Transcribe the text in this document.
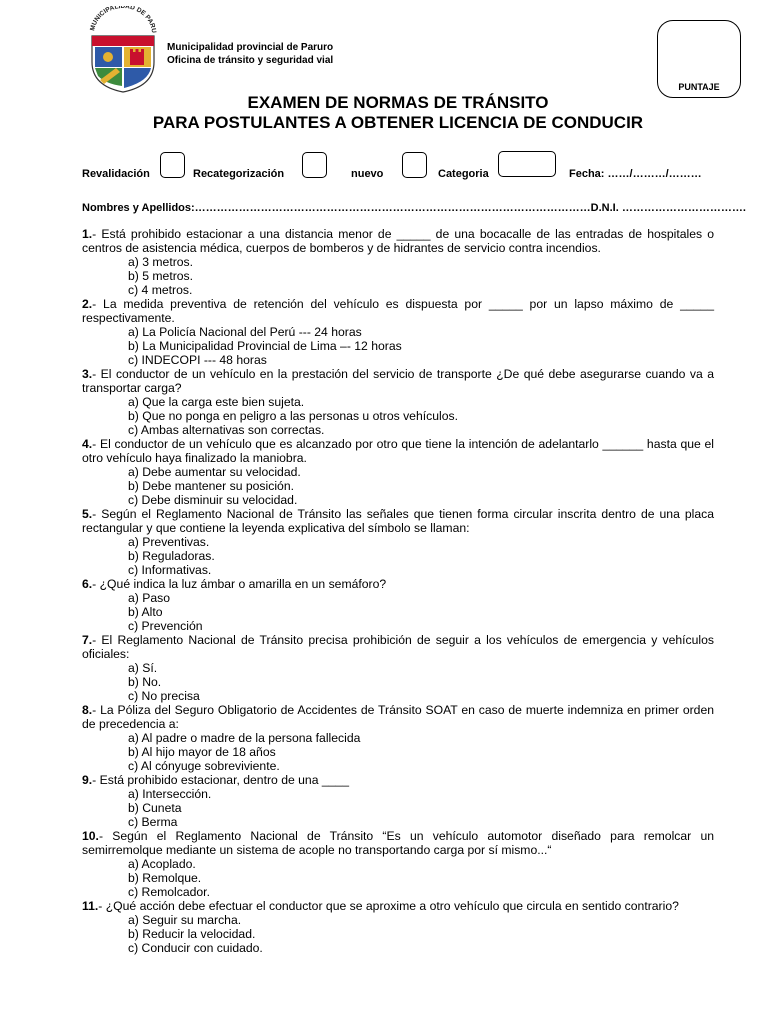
MUNICIPALIDAD DE PARU
Municipalidad provincial de Paruro
Oficina de tránsito y seguridad vial
PUNTAJE
EXAMEN DE NORMAS DE TRÁNSITO
PARA POSTULANTES A OBTENER LICENCIA DE CONDUCIR
Revalidación	Recategorización	nuevo	Categoria	Fecha: ……/………/………
Nombres y Apellidos:………………………………………………………………………………………………D.N.I. …………………………….
1.- Está prohibido estacionar a una distancia menor de _____ de una bocacalle de las entradas de hospitales o centros de asistencia médica, cuerpos de bomberos y de hidrantes de servicio contra incendios.
a) 3 metros.
b) 5 metros.
c) 4 metros.
2.- La medida preventiva de retención del vehículo es dispuesta por _____ por un lapso máximo de _____ respectivamente.
a) La Policía Nacional del Perú --- 24 horas
b) La Municipalidad Provincial de Lima –- 12 horas
c) INDECOPI --- 48 horas
3.- El conductor de un vehículo en la prestación del servicio de transporte ¿De qué debe asegurarse cuando va a transportar carga?
a) Que la carga este bien sujeta.
b) Que no ponga en peligro a las personas u otros vehículos.
c) Ambas alternativas son correctas.
4.- El conductor de un vehículo que es alcanzado por otro que tiene la intención de adelantarlo ______ hasta que el otro vehículo haya finalizado la maniobra.
a) Debe aumentar su velocidad.
b) Debe mantener su posición.
c) Debe disminuir su velocidad.
5.- Según el Reglamento Nacional de Tránsito las señales que tienen forma circular inscrita dentro de una placa rectangular y que contiene la leyenda explicativa del símbolo se llaman:
a) Preventivas.
b) Reguladoras.
c) Informativas.
6.- ¿Qué indica la luz ámbar o amarilla en un semáforo?
a) Paso
b) Alto
c) Prevención
7.- El Reglamento Nacional de Tránsito precisa prohibición de seguir a los vehículos de emergencia y vehículos oficiales:
a) Sí.
b) No.
c) No precisa
8.- La Póliza del Seguro Obligatorio de Accidentes de Tránsito SOAT en caso de muerte indemniza en primer orden de precedencia a:
a) Al padre o madre de la persona fallecida
b) Al hijo mayor de 18 años
c) Al cónyuge sobreviviente.
9.- Está prohibido estacionar, dentro de una ____
a) Intersección.
b) Cuneta
c) Berma
10.- Según el Reglamento Nacional de Tránsito “Es un vehículo automotor diseñado para remolcar un semirremolque mediante un sistema de acople no transportando carga por sí mismo...“
a) Acoplado.
b) Remolque.
c) Remolcador.
11.- ¿Qué acción debe efectuar el conductor que se aproxime a otro vehículo que circula en sentido contrario?
a) Seguir su marcha.
b) Reducir la velocidad.
c) Conducir con cuidado.
